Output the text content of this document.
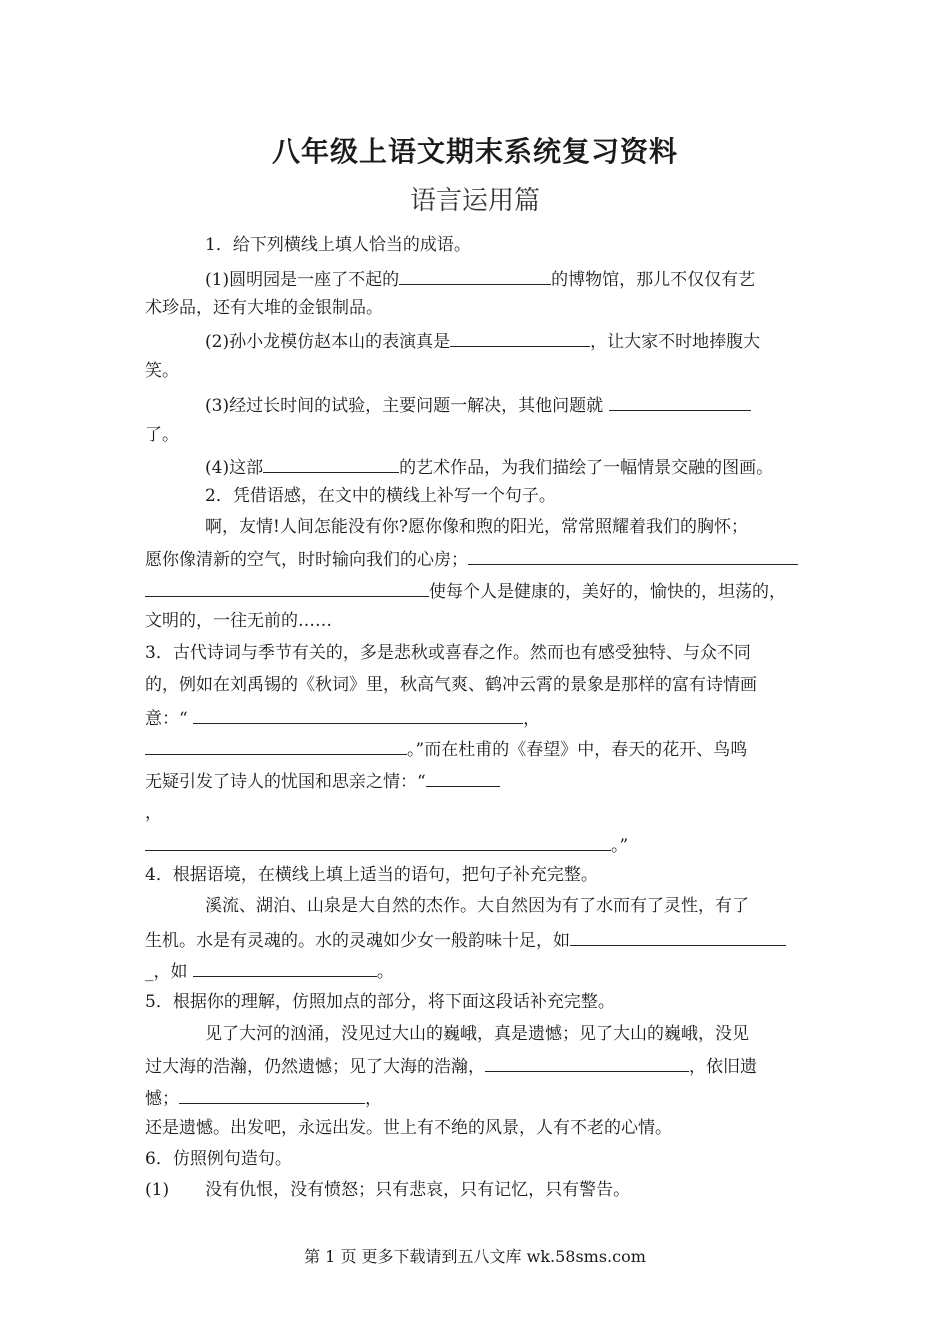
八年级上语文期末系统复习资料
语言运用篇
1．给下列横线上填人恰当的成语。
(1)圆明园是一座了不起的	的博物馆，那儿不仅仅有艺
术珍品，还有大堆的金银制品。
(2)孙小龙模仿赵本山的表演真是	，让大家不时地捧腹大
笑。
(3)经过长时间的试验，主要问题一解决，其他问题就
了。
(4)这部	的艺术作品，为我们描绘了一幅情景交融的图画。
2．凭借语感，在文中的横线上补写一个句子。
啊，友情!人间怎能没有你?愿你像和煦的阳光，常常照耀着我们的胸怀；
愿你像清新的空气，时时输向我们的心房；
使每个人是健康的，美好的，愉快的，坦荡的，
文明的，一往无前的……
3．古代诗词与季节有关的，多是悲秋或喜春之作。然而也有感受独特、与众不同
的，例如在刘禹锡的《秋词》里，秋高气爽、鹤冲云霄的景象是那样的富有诗情画
意：“	，
。”而在杜甫的《春望》中，春天的花开、鸟鸣
无疑引发了诗人的忧国和思亲之情：“
，
。”
4．根据语境，在横线上填上适当的语句，把句子补充完整。
溪流、湖泊、山泉是大自然的杰作。大自然因为有了水而有了灵性，有了
生机。水是有灵魂的。水的灵魂如少女一般韵味十足，如
_，如	。
5．根据你的理解，仿照加点的部分，将下面这段话补充完整。
见了大河的汹涌，没见过大山的巍峨，真是遗憾；见了大山的巍峨，没见
过大海的浩瀚，仍然遗憾；见了大海的浩瀚，	，依旧遗
憾；	，
还是遗憾。出发吧，永远出发。世上有不绝的风景，人有不老的心情。
6．仿照例句造句。
(1) 没有仇恨，没有愤怒；只有悲哀，只有记忆，只有警告。
第 1 页 更多下载请到五八文库 wk.58sms.com
